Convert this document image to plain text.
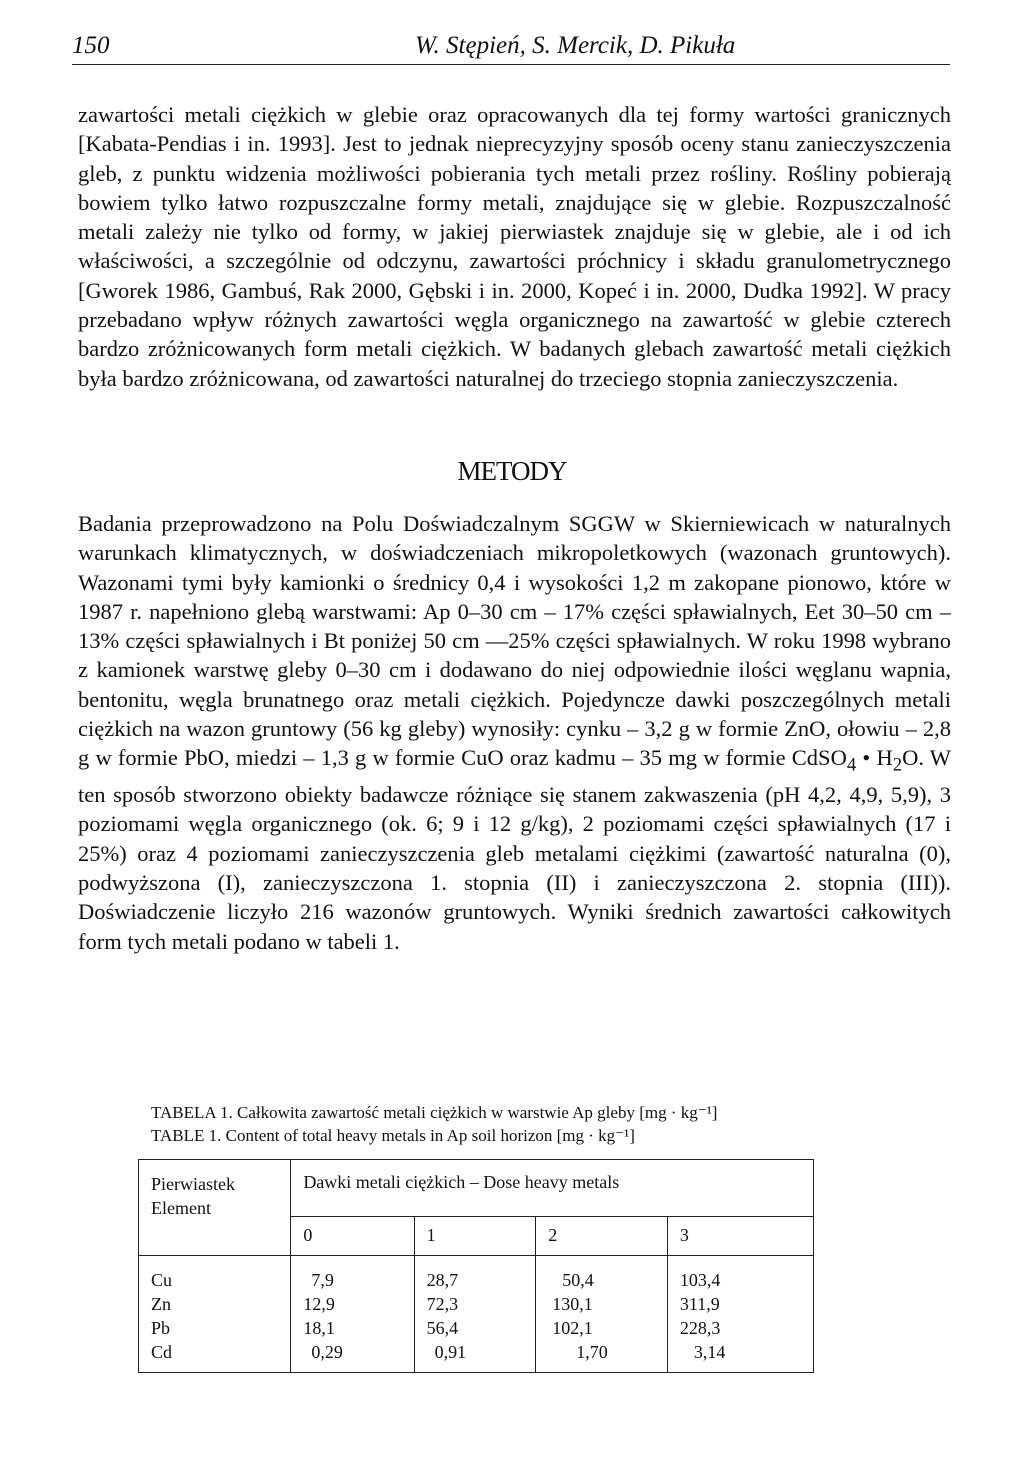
150	W. Stępień, S. Mercik, D. Pikuła

zawartości metali ciężkich w glebie oraz opracowanych dla tej formy wartości granicznych [Kabata-Pendias i in. 1993]. Jest to jednak nieprecyzyjny sposób oceny stanu zanieczyszczenia gleb, z punktu widzenia możliwości pobierania tych metali przez rośliny. Rośliny pobierają bowiem tylko łatwo rozpuszczalne formy metali, znajdujące się w glebie. Rozpuszczalność metali zależy nie tylko od formy, w jakiej pierwiastek znajduje się w glebie, ale i od ich właściwości, a szczególnie od odczynu, zawartości próchnicy i składu granulometrycznego [Gworek 1986, Gambuś, Rak 2000, Gębski i in. 2000, Kopeć i in. 2000, Dudka 1992]. W pracy przebadano wpływ różnych zawartości węgla organicznego na zawartość w glebie czterech bardzo zróżnicowanych form metali ciężkich. W badanych glebach zawartość metali ciężkich była bardzo zróżnicowana, od zawartości naturalnej do trzeciego stopnia zanieczyszczenia.

METODY

Badania przeprowadzono na Polu Doświadczalnym SGGW w Skierniewicach w naturalnych warunkach klimatycznych, w doświadczeniach mikropoletkowych (wazonach gruntowych). Wazonami tymi były kamionki o średnicy 0,4 i wysokości 1,2 m zakopane pionowo, które w 1987 r. napełniono glebą warstwami: Ap 0–30 cm – 17% części spławialnych, Eet 30–50 cm – 13% części spławialnych i Bt poniżej 50 cm —25% części spławialnych. W roku 1998 wybrano z kamionek warstwę gleby 0–30 cm i dodawano do niej odpowiednie ilości węglanu wapnia, bentonitu, węgla brunatnego oraz metali ciężkich. Pojedyncze dawki poszczególnych metali ciężkich na wazon gruntowy (56 kg gleby) wynosiły: cynku – 3,2 g w formie ZnO, ołowiu – 2,8 g w formie PbO, miedzi – 1,3 g w formie CuO oraz kadmu – 35 mg w formie CdSO$_4$ • $H_2O$. W ten sposób stworzono obiekty badawcze różniące się stanem zakwaszenia (pH 4,2, 4,9, 5,9), 3 poziomami węgla organicznego (ok. 6; 9 i 12 g/kg), 2 poziomami części spławialnych (17 i 25%) oraz 4 poziomami zanieczyszczenia gleb metalami ciężkimi (zawartość naturalna (0), podwyższona (I), zanieczyszczona 1. stopnia (II) i zanieczyszczona 2. stopnia (III)). Doświadczenie liczyło 216 wazonów gruntowych. Wyniki średnich zawartości całkowitych form tych metali podano w tabeli 1.

TABELA 1. Całkowita zawartość metali ciężkich w warstwie Ap gleby [mg · kg⁻¹]
TABLE 1. Content of total heavy metals in Ap soil horizon [mg · kg⁻¹]
Pierwiastek
Element	Dawki metali ciężkich – Dose heavy metals			
	0	1	2	3

Cu	7,9	28,7	50,4	103,4
Zn	12,9	72,3	130,1	311,9
Pb	18,1	56,4	102,1	228,3
Cd	0,29	0,91	1,70	3,14
